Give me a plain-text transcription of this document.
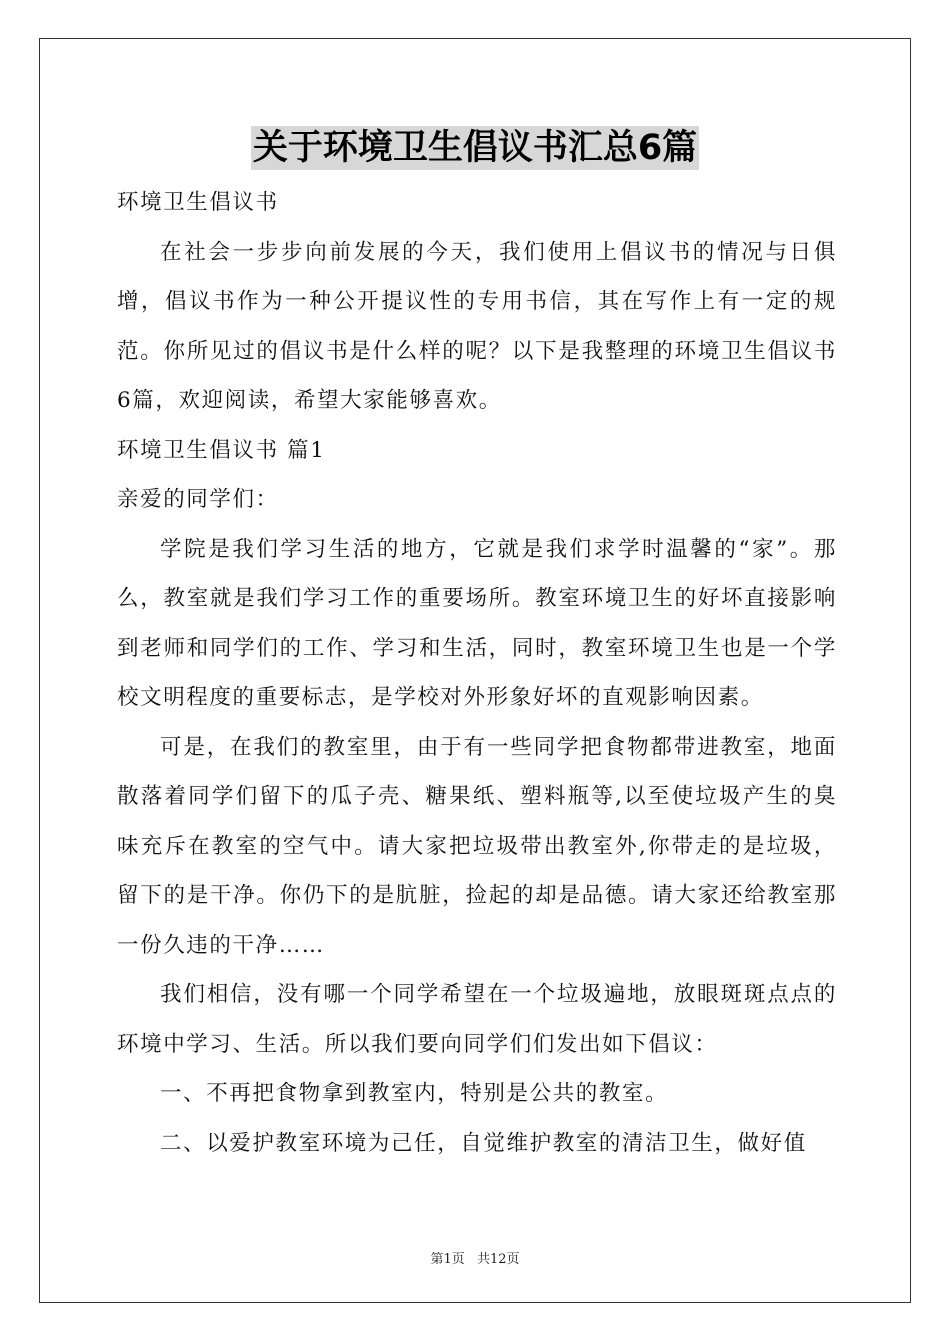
关于环境卫生倡议书汇总6篇

环境卫生倡议书

在社会一步步向前发展的今天，我们使用上倡议书的情况与日俱增，倡议书作为一种公开提议性的专用书信，其在写作上有一定的规范。你所见过的倡议书是什么样的呢？以下是我整理的环境卫生倡议书6篇，欢迎阅读，希望大家能够喜欢。

环境卫生倡议书 篇1

亲爱的同学们：

学院是我们学习生活的地方，它就是我们求学时温馨的“家”。那么，教室就是我们学习工作的重要场所。教室环境卫生的好坏直接影响到老师和同学们的工作、学习和生活，同时，教室环境卫生也是一个学校文明程度的重要标志，是学校对外形象好坏的直观影响因素。

可是，在我们的教室里，由于有一些同学把食物都带进教室，地面散落着同学们留下的瓜子壳、糖果纸、塑料瓶等,以至使垃圾产生的臭味充斥在教室的空气中。请大家把垃圾带出教室外,你带走的是垃圾，留下的是干净。你仍下的是肮脏，捡起的却是品德。请大家还给教室那一份久违的干净……

我们相信，没有哪一个同学希望在一个垃圾遍地，放眼斑斑点点的环境中学习、生活。所以我们要向同学们们发出如下倡议：

一、不再把食物拿到教室内，特别是公共的教室。

二、以爱护教室环境为己任，自觉维护教室的清洁卫生，做好值

第1页 共12页
